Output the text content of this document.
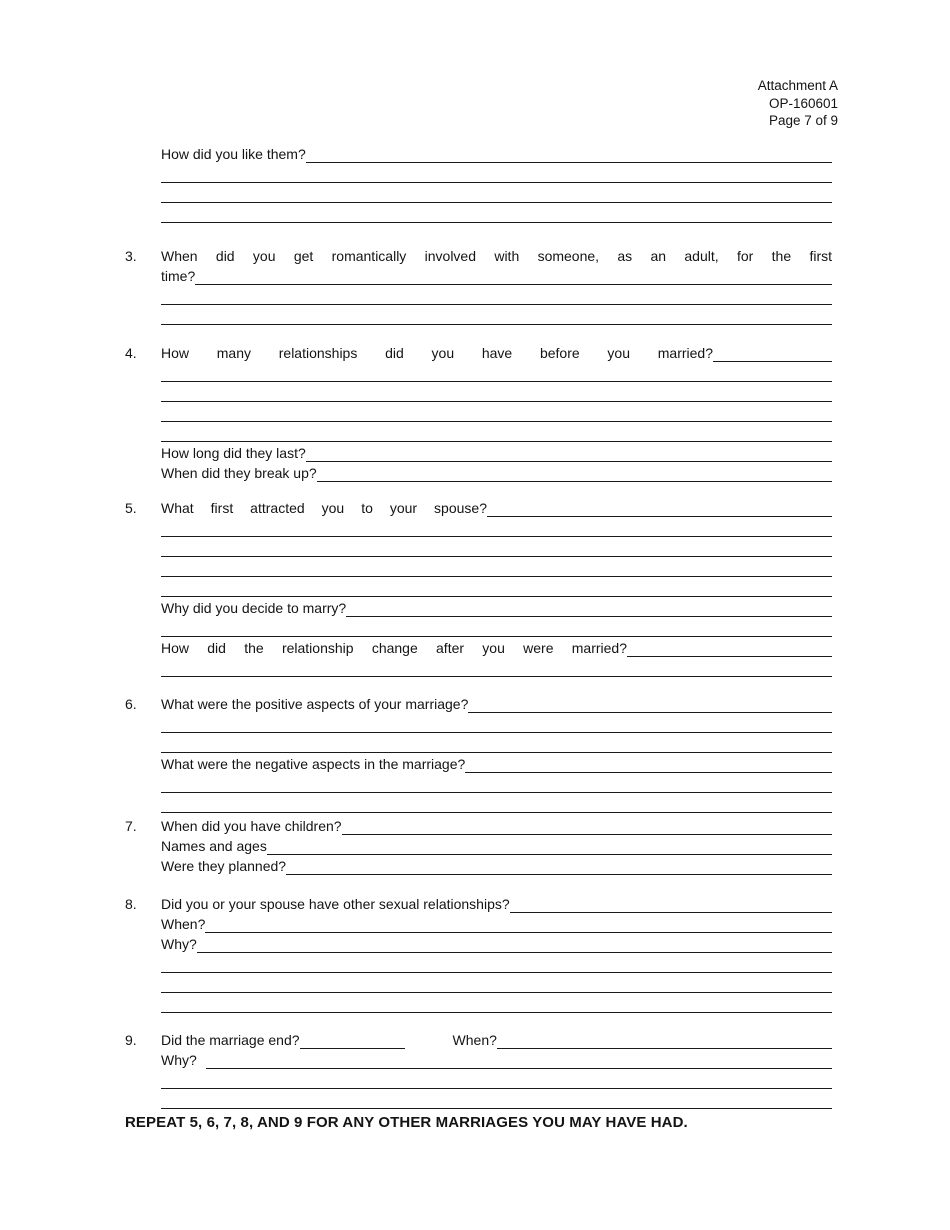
Attachment A
OP-160601
Page 7 of 9
How did you like them?
3.	When did you get romantically involved with someone, as an adult, for the first
time?
4.	How many relationships did you have before you married?
How long did they last?
When did they break up?
5.	What first attracted you to your spouse?
Why did you decide to marry?
How did the relationship change after you were married?
6.	What were the positive aspects of your marriage?
What were the negative aspects in the marriage?
7.	When did you have children?
Names and ages
Were they planned?
8.	Did you or your spouse have other sexual relationships?
When?
Why?
9.	Did the marriage end?	When?
Why?
REPEAT 5, 6, 7, 8, AND 9 FOR ANY OTHER MARRIAGES YOU MAY HAVE HAD.
